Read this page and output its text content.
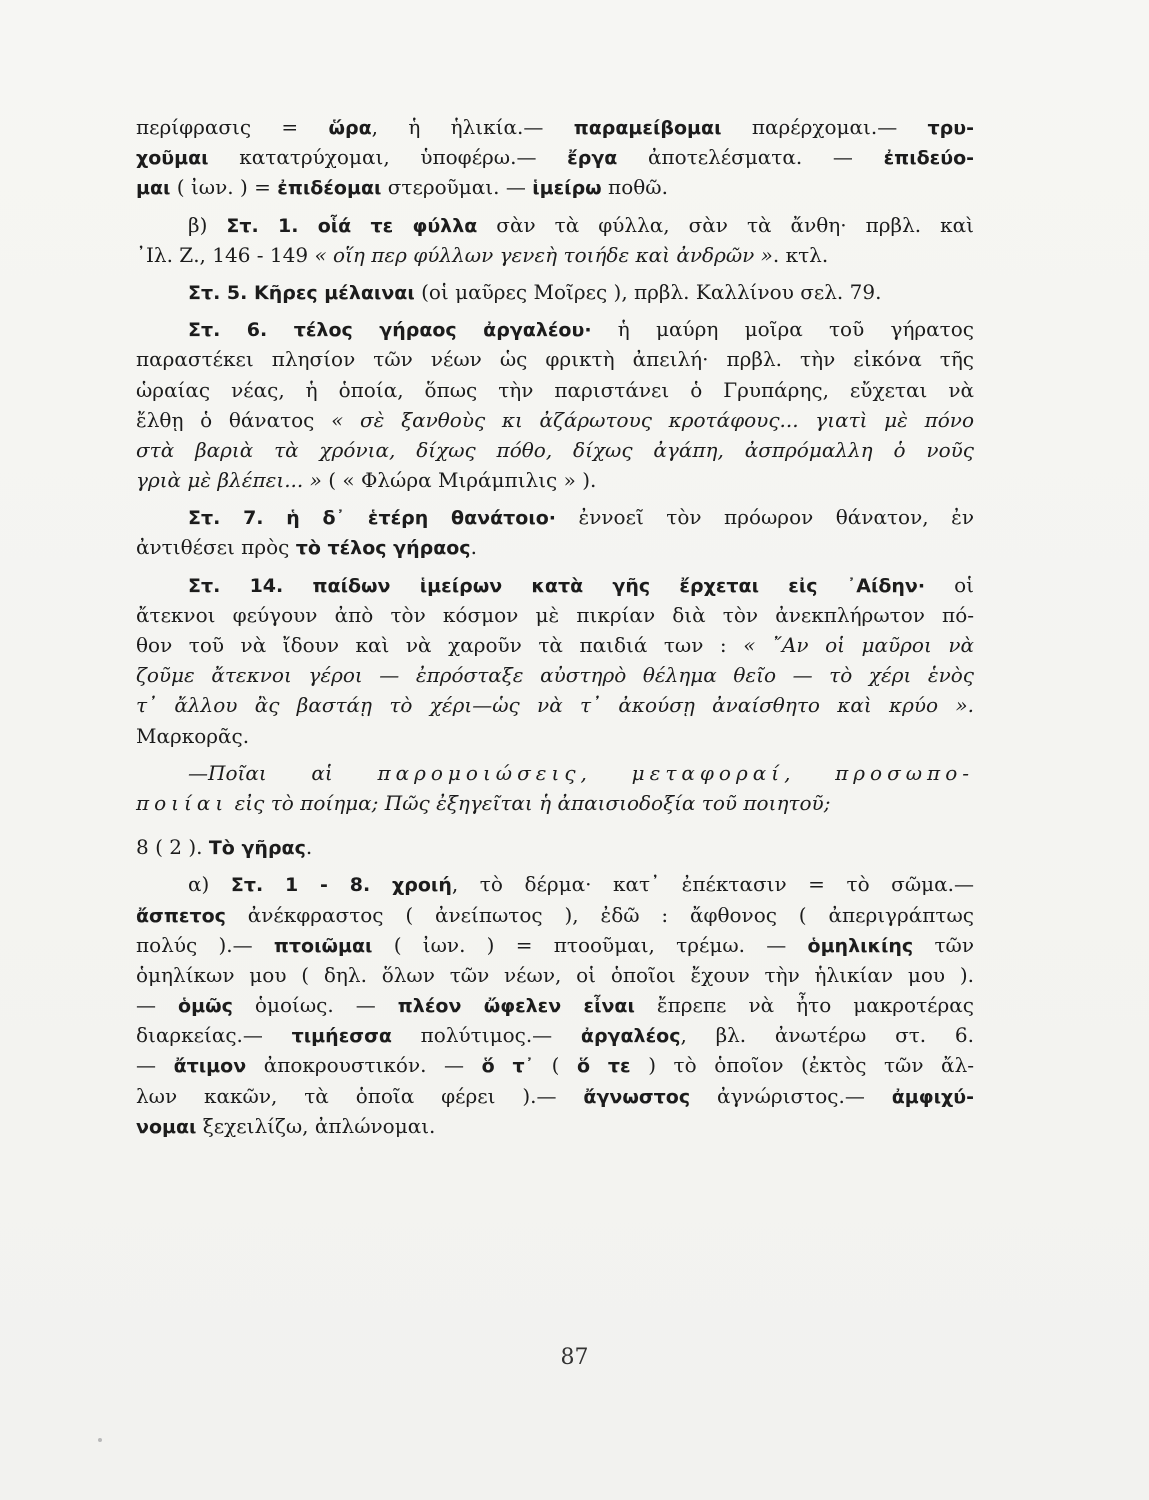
περίφρασις = ὥρα, ἡ ἡλικία.— παραμείβομαι παρέρχομαι.— τρυ-
χοῦμαι κατατρύχομαι, ὑποφέρω.— ἔργα ἀποτελέσματα. — ἐπιδεύο-
μαι ( ἰων. ) = ἐπιδέομαι στεροῦμαι. — ἱμείρω ποθῶ.
β) Στ. 1. οἷά τε φύλλα σὰν τὰ φύλλα, σὰν τὰ ἄνθη· πρβλ. καὶ
᾿Ιλ. Ζ., 146 - 149 « οἵη περ φύλλων γενεὴ τοιήδε καὶ ἀνδρῶν ». κτλ.
Στ. 5. Κῆρες μέλαιναι (οἱ μαῦρες Μοῖρες ), πρβλ. Καλλίνου σελ. 79.
Στ. 6. τέλος γήραος ἀργαλέου· ἡ μαύρη μοῖρα τοῦ γήρατος
παραστέκει πλησίον τῶν νέων ὡς φρικτὴ ἀπειλή· πρβλ. τὴν εἰκόνα τῆς
ὡραίας νέας, ἡ ὁποία, ὅπως τὴν παριστάνει ὁ Γρυπάρης, εὔχεται νὰ
ἔλθῃ ὁ θάνατος « σὲ ξανθοὺς κι ἀζάρωτους κροτάφους... γιατὶ μὲ πόνο
στὰ βαριὰ τὰ χρόνια, δίχως πόθο, δίχως ἀγάπη, ἀσπρόμαλλη ὁ νοῦς
γριὰ μὲ βλέπει... » ( « Φλώρα Μιράμπιλις » ).
Στ. 7. ἡ δ᾿ ἑτέρη θανάτοιο· ἐννοεῖ τὸν πρόωρον θάνατον, ἐν
ἀντιθέσει πρὸς τὸ τέλος γήραος.
Στ. 14. παίδων ἱμείρων κατὰ γῆς ἔρχεται εἰς ᾿Αίδην· οἱ
ἄτεκνοι φεύγουν ἀπὸ τὸν κόσμον μὲ πικρίαν διὰ τὸν ἀνεκπλήρωτον πό-
θον τοῦ νὰ ἴδουν καὶ νὰ χαροῦν τὰ παιδιά των : « ῎Αν οἱ μαῦροι νὰ
ζοῦμε ἄτεκνοι γέροι — ἐπρόσταξε αὐστηρὸ θέλημα θεῖο — τὸ χέρι ἑνὸς
τ᾿ ἄλλου ἂς βαστάῃ τὸ χέρι—ὡς νὰ τ᾿ ἀκούσῃ ἀναίσθητο καὶ κρύο ».
Μαρκορᾶς.
—Ποῖαι αἱ παρομοιώσεις, μεταφοραί, προσωπο-
ποιίαι εἰς τὸ ποίημα; Πῶς ἐξηγεῖται ἡ ἀπαισιοδοξία τοῦ ποιητοῦ;
8 ( 2 ). Τὸ γῆρας.
α) Στ. 1 - 8. χροιή, τὸ δέρμα· κατ᾿ ἐπέκτασιν = τὸ σῶμα.—
ἄσπετος ἀνέκφραστος ( ἀνείπωτος ), ἐδῶ : ἄφθονος ( ἀπεριγράπτως
πολύς ).— πτοιῶμαι ( ἰων. ) = πτοοῦμαι, τρέμω. — ὁμηλικίης τῶν
ὁμηλίκων μου ( δηλ. ὅλων τῶν νέων, οἱ ὁποῖοι ἔχουν τὴν ἡλικίαν μου ).
— ὁμῶς ὁμοίως. — πλέον ὤφελεν εἶναι ἔπρεπε νὰ ἦτο μακροτέρας
διαρκείας.— τιμήεσσα πολύτιμος.— ἀργαλέος, βλ. ἀνωτέρω στ. 6.
— ἄτιμον ἀποκρουστικόν. — ὅ τ᾿ ( ὅ τε ) τὸ ὁποῖον (ἐκτὸς τῶν ἄλ-
λων κακῶν, τὰ ὁποῖα φέρει ).— ἄγνωστος ἀγνώριστος.— ἀμφιχύ-
νομαι ξεχειλίζω, ἀπλώνομαι.
87
